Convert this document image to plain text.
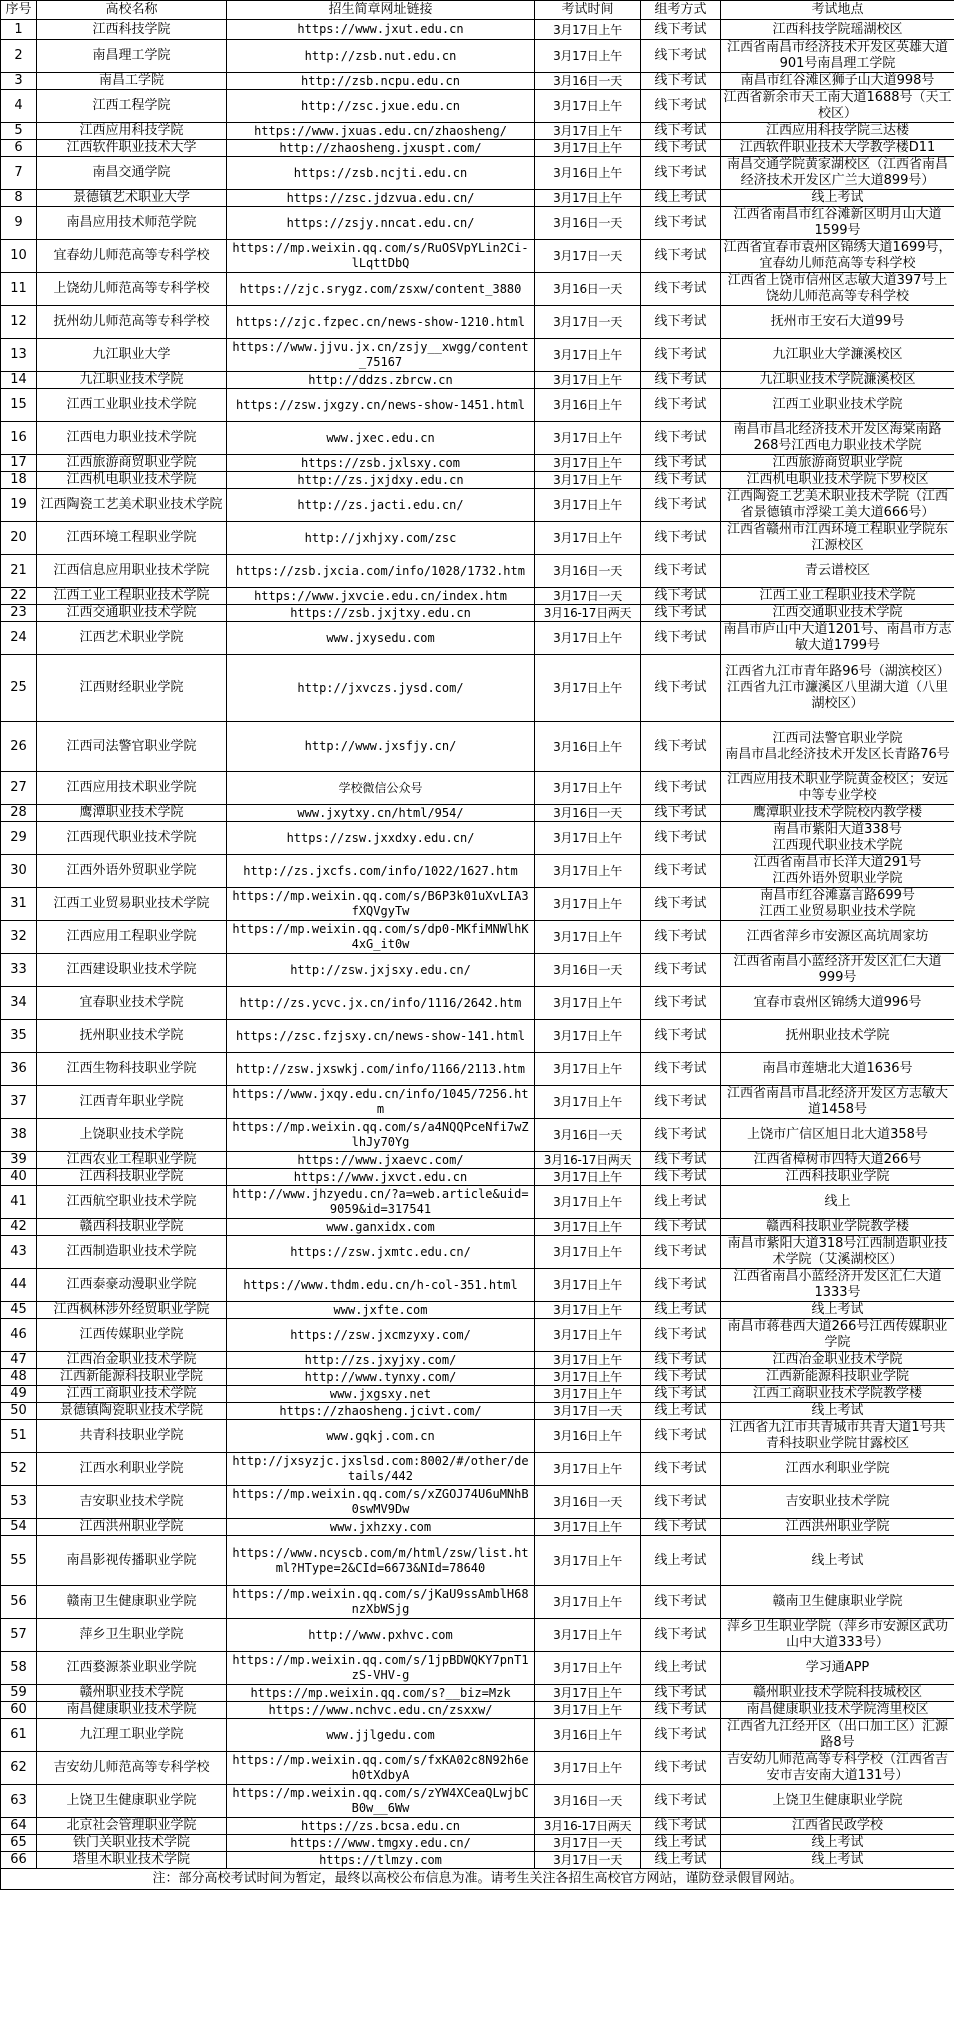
序号	高校名称	招生简章网址链接	考试时间	组考方式	考试地点
1	江西科技学院	https://www.jxut.edu.cn	3月17日上午	线下考试	江西科技学院瑶湖校区
2	南昌理工学院	http://zsb.nut.edu.cn	3月17日上午	线下考试	江西省南昌市经济技术开发区英雄大道901号南昌理工学院
3	南昌工学院	http://zsb.ncpu.edu.cn	3月16日一天	线下考试	南昌市红谷滩区狮子山大道998号
4	江西工程学院	http://zsc.jxue.edu.cn	3月17日上午	线下考试	江西省新余市天工南大道1688号（天工校区）
5	江西应用科技学院	https://www.jxuas.edu.cn/zhaosheng/	3月17日上午	线下考试	江西应用科技学院三达楼
6	江西软件职业技术大学	http://zhaosheng.jxuspt.com/	3月17日上午	线下考试	江西软件职业技术大学教学楼D11
7	南昌交通学院	https://zsb.ncjti.edu.cn	3月16日上午	线下考试	南昌交通学院黄家湖校区（江西省南昌经济技术开发区广兰大道899号）
8	景德镇艺术职业大学	https://zsc.jdzvua.edu.cn/	3月17日上午	线上考试	线上考试
9	南昌应用技术师范学院	https://zsjy.nncat.edu.cn/	3月16日一天	线下考试	江西省南昌市红谷滩新区明月山大道1599号
10	宜春幼儿师范高等专科学校	https://mp.weixin.qq.com/s/RuOSVpYLin2Ci-lLqttDbQ	3月17日一天	线下考试	江西省宜春市袁州区锦绣大道1699号，宜春幼儿师范高等专科学校
11	上饶幼儿师范高等专科学校	https://zjc.srygz.com/zsxw/content_3880	3月16日一天	线下考试	江西省上饶市信州区志敏大道397号上饶幼儿师范高等专科学校
12	抚州幼儿师范高等专科学校	https://zjc.fzpec.cn/news-show-1210.html	3月17日一天	线下考试	抚州市王安石大道99号
13	九江职业大学	https://www.jjvu.jx.cn/zsjy__xwgg/content_75167	3月17日上午	线下考试	九江职业大学濂溪校区
14	九江职业技术学院	http://ddzs.zbrcw.cn	3月17日上午	线下考试	九江职业技术学院濂溪校区
15	江西工业职业技术学院	https://zsw.jxgzy.cn/news-show-1451.html	3月16日上午	线下考试	江西工业职业技术学院
16	江西电力职业技术学院	www.jxec.edu.cn	3月17日上午	线下考试	南昌市昌北经济技术开发区海棠南路268号江西电力职业技术学院
17	江西旅游商贸职业学院	https://zsb.jxlsxy.com	3月17日上午	线下考试	江西旅游商贸职业学院
18	江西机电职业技术学院	http://zs.jxjdxy.edu.cn	3月17日上午	线下考试	江西机电职业技术学院下罗校区
19	江西陶瓷工艺美术职业技术学院	http://zs.jacti.edu.cn/	3月17日上午	线下考试	江西陶瓷工艺美术职业技术学院（江西省景德镇市浮梁工美大道666号）
20	江西环境工程职业学院	http://jxhjxy.com/zsc	3月17日上午	线下考试	江西省赣州市江西环境工程职业学院东江源校区
21	江西信息应用职业技术学院	https://zsb.jxcia.com/info/1028/1732.htm	3月16日一天	线下考试	青云谱校区
22	江西工业工程职业技术学院	https://www.jxvcie.edu.cn/index.htm	3月17日一天	线下考试	江西工业工程职业技术学院
23	江西交通职业技术学院	https://zsb.jxjtxy.edu.cn	3月16-17日两天	线下考试	江西交通职业技术学院
24	江西艺术职业学院	www.jxysedu.com	3月17日上午	线下考试	南昌市庐山中大道1201号、南昌市方志敏大道1799号
25	江西财经职业学院	http://jxvczs.jysd.com/	3月17日上午	线下考试	江西省九江市青年路96号（湖滨校区）
江西省九江市濂溪区八里湖大道（八里湖校区）
26	江西司法警官职业学院	http://www.jxsfjy.cn/	3月16日上午	线下考试	江西司法警官职业学院
南昌市昌北经济技术开发区长青路76号
27	江西应用技术职业学院	学校微信公众号	3月17日上午	线下考试	江西应用技术职业学院黄金校区；安远中等专业学校
28	鹰潭职业技术学院	www.jxytxy.cn/html/954/	3月16日一天	线下考试	鹰潭职业技术学院校内教学楼
29	江西现代职业技术学院	https://zsw.jxxdxy.edu.cn/	3月17日上午	线下考试	南昌市紫阳大道338号
江西现代职业技术学院
30	江西外语外贸职业学院	http://zs.jxcfs.com/info/1022/1627.htm	3月17日上午	线下考试	江西省南昌市长洋大道291号
江西外语外贸职业学院
31	江西工业贸易职业技术学院	https://mp.weixin.qq.com/s/B6P3k01uXvLIA3fXQVgyTw	3月17日上午	线下考试	南昌市红谷滩嘉言路699号
江西工业贸易职业技术学院
32	江西应用工程职业学院	https://mp.weixin.qq.com/s/dp0-MKfiMNWlhK4xG_it0w	3月17日上午	线下考试	江西省萍乡市安源区高坑周家坊
33	江西建设职业技术学院	http://zsw.jxjsxy.edu.cn/	3月16日一天	线下考试	江西省南昌小蓝经济开发区汇仁大道999号
34	宜春职业技术学院	http://zs.ycvc.jx.cn/info/1116/2642.htm	3月17日上午	线下考试	宜春市袁州区锦绣大道996号
35	抚州职业技术学院	https://zsc.fzjsxy.cn/news-show-141.html	3月17日上午	线下考试	抚州职业技术学院
36	江西生物科技职业学院	http://zsw.jxswkj.com/info/1166/2113.htm	3月17日上午	线下考试	南昌市莲塘北大道1636号
37	江西青年职业学院	https://www.jxqy.edu.cn/info/1045/7256.htm	3月17日上午	线下考试	江西省南昌市昌北经济开发区方志敏大道1458号
38	上饶职业技术学院	https://mp.weixin.qq.com/s/a4NQQPceNfi7wZlhJy70Yg	3月16日一天	线下考试	上饶市广信区旭日北大道358号
39	江西农业工程职业学院	https://www.jxaevc.com/	3月16-17日两天	线下考试	江西省樟树市四特大道266号
40	江西科技职业学院	https://www.jxvct.edu.cn	3月17日上午	线下考试	江西科技职业学院
41	江西航空职业技术学院	http://www.jhzyedu.cn/?a=web.article&uid=9059&id=317541	3月17日上午	线上考试	线上
42	赣西科技职业学院	www.ganxidx.com	3月17日上午	线下考试	赣西科技职业学院教学楼
43	江西制造职业技术学院	https://zsw.jxmtc.edu.cn/	3月17日上午	线下考试	南昌市紫阳大道318号江西制造职业技术学院（艾溪湖校区）
44	江西泰豪动漫职业学院	https://www.thdm.edu.cn/h-col-351.html	3月17日上午	线下考试	江西省南昌小蓝经济开发区汇仁大道1333号
45	江西枫林涉外经贸职业学院	www.jxfte.com	3月17日上午	线上考试	线上考试
46	江西传媒职业学院	https://zsw.jxcmzyxy.com/	3月17日上午	线下考试	南昌市蒋巷西大道266号江西传媒职业学院
47	江西冶金职业技术学院	http://zs.jxyjxy.com/	3月17日上午	线下考试	江西冶金职业技术学院
48	江西新能源科技职业学院	http://www.tynxy.com/	3月17日上午	线下考试	江西新能源科技职业学院
49	江西工商职业技术学院	www.jxgsxy.net	3月17日上午	线下考试	江西工商职业技术学院教学楼
50	景德镇陶瓷职业技术学院	https://zhaosheng.jcivt.com/	3月17日一天	线上考试	线上考试
51	共青科技职业学院	www.gqkj.com.cn	3月16日上午	线下考试	江西省九江市共青城市共青大道1号共青科技职业学院甘露校区
52	江西水利职业学院	http://jxsyzjc.jxslsd.com:8002/#/other/details/442	3月17日上午	线下考试	江西水利职业学院
53	吉安职业技术学院	https://mp.weixin.qq.com/s/xZGOJ74U6uMNhB0swMV9Dw	3月16日一天	线下考试	吉安职业技术学院
54	江西洪州职业学院	www.jxhzxy.com	3月17日上午	线下考试	江西洪州职业学院
55	南昌影视传播职业学院	https://www.ncyscb.com/m/html/zsw/list.html?HType=2&CId=6673&NId=78640	3月17日上午	线上考试	线上考试
56	赣南卫生健康职业学院	https://mp.weixin.qq.com/s/jKaU9ssAmblH68nzXbWSjg	3月17日上午	线下考试	赣南卫生健康职业学院
57	萍乡卫生职业学院	http://www.pxhvc.com	3月17日上午	线下考试	萍乡卫生职业学院（萍乡市安源区武功山中大道333号）
58	江西婺源茶业职业学院	https://mp.weixin.qq.com/s/1jpBDWQKY7pnT1zS-VHV-g	3月17日上午	线上考试	学习通APP
59	赣州职业技术学院	https://mp.weixin.qq.com/s?__biz=Mzk	3月17日上午	线下考试	赣州职业技术学院科技城校区
60	南昌健康职业技术学院	https://www.nchvc.edu.cn/zsxxw/	3月17日上午	线下考试	南昌健康职业技术学院湾里校区
61	九江理工职业学院	www.jjlgedu.com	3月16日上午	线下考试	江西省九江经开区（出口加工区）汇源路8号
62	吉安幼儿师范高等专科学校	https://mp.weixin.qq.com/s/fxKA02c8N92h6eh0tXdbyA	3月17日上午	线下考试	吉安幼儿师范高等专科学校（江西省吉安市吉安南大道131号）
63	上饶卫生健康职业学院	https://mp.weixin.qq.com/s/zYW4XCeaQLwjbCB0w__6Ww	3月16日一天	线下考试	上饶卫生健康职业学院
64	北京社会管理职业学院	https://zs.bcsa.edu.cn	3月16-17日两天	线下考试	江西省民政学校
65	铁门关职业技术学院	https://www.tmgxy.edu.cn/	3月17日一天	线上考试	线上考试
66	塔里木职业技术学院	https://tlmzy.com	3月17日一天	线上考试	线上考试
注：部分高校考试时间为暂定，最终以高校公布信息为准。请考生关注各招生高校官方网站，谨防登录假冒网站。					
